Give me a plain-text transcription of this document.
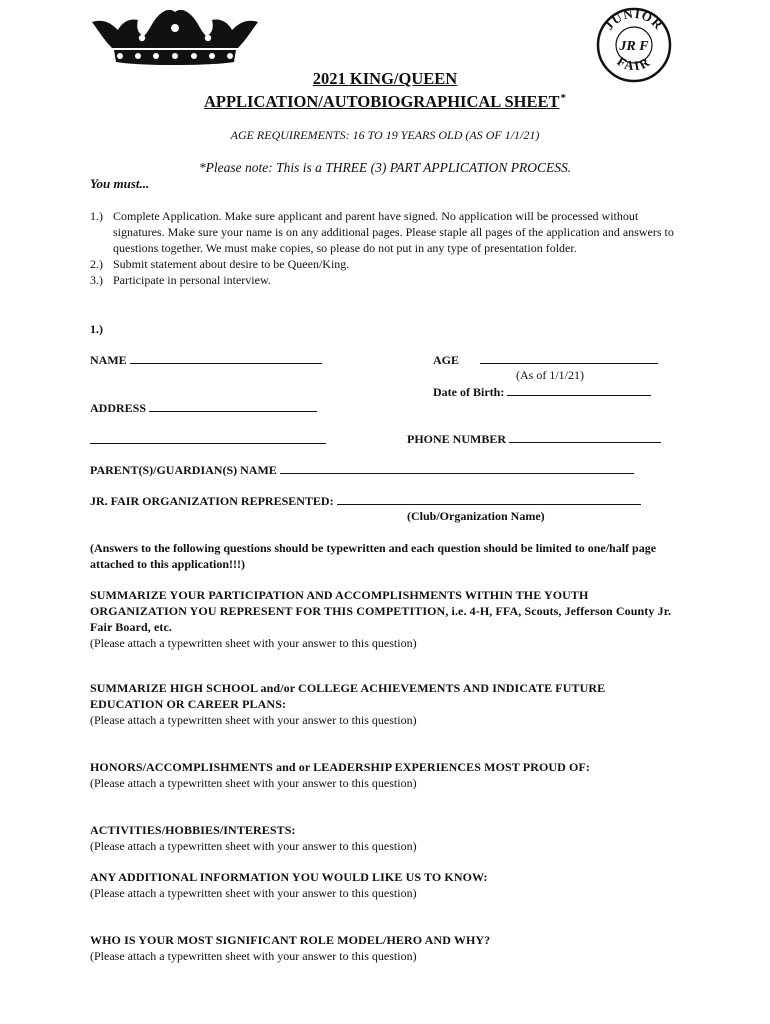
JUNIOR
FAIR
JR F
2021 KING/QUEEN
APPLICATION/AUTOBIOGRAPHICAL SHEET*
AGE REQUIREMENTS: 16 TO 19 YEARS OLD (AS OF 1/1/21)
*Please note: This is a THREE (3) PART APPLICATION PROCESS.
You must...
1.) Complete Application. Make sure applicant and parent have signed. No application will be processed without signatures. Make sure your name is on any additional pages. Please staple all pages of the application and answers to questions together. We must make copies, so please do not put in any type of presentation folder.
2.) Submit statement about desire to be Queen/King.
3.) Participate in personal interview.
1.)
NAME	AGE
(As of 1/1/21)
Date of Birth:
ADDRESS
PHONE NUMBER
PARENT(S)/GUARDIAN(S) NAME
JR. FAIR ORGANIZATION REPRESENTED:
(Club/Organization Name)
(Answers to the following questions should be typewritten and each question should be limited to one/half page attached to this application!!!)
SUMMARIZE YOUR PARTICIPATION AND ACCOMPLISHMENTS WITHIN THE YOUTH ORGANIZATION YOU REPRESENT FOR THIS COMPETITION, i.e. 4-H, FFA, Scouts, Jefferson County Jr. Fair Board, etc.
(Please attach a typewritten sheet with your answer to this question)
SUMMARIZE HIGH SCHOOL and/or COLLEGE ACHIEVEMENTS AND INDICATE FUTURE EDUCATION OR CAREER PLANS:
(Please attach a typewritten sheet with your answer to this question)
HONORS/ACCOMPLISHMENTS and or LEADERSHIP EXPERIENCES MOST PROUD OF:
(Please attach a typewritten sheet with your answer to this question)
ACTIVITIES/HOBBIES/INTERESTS:
(Please attach a typewritten sheet with your answer to this question)
ANY ADDITIONAL INFORMATION YOU WOULD LIKE US TO KNOW:
(Please attach a typewritten sheet with your answer to this question)
WHO IS YOUR MOST SIGNIFICANT ROLE MODEL/HERO AND WHY?
(Please attach a typewritten sheet with your answer to this question)
